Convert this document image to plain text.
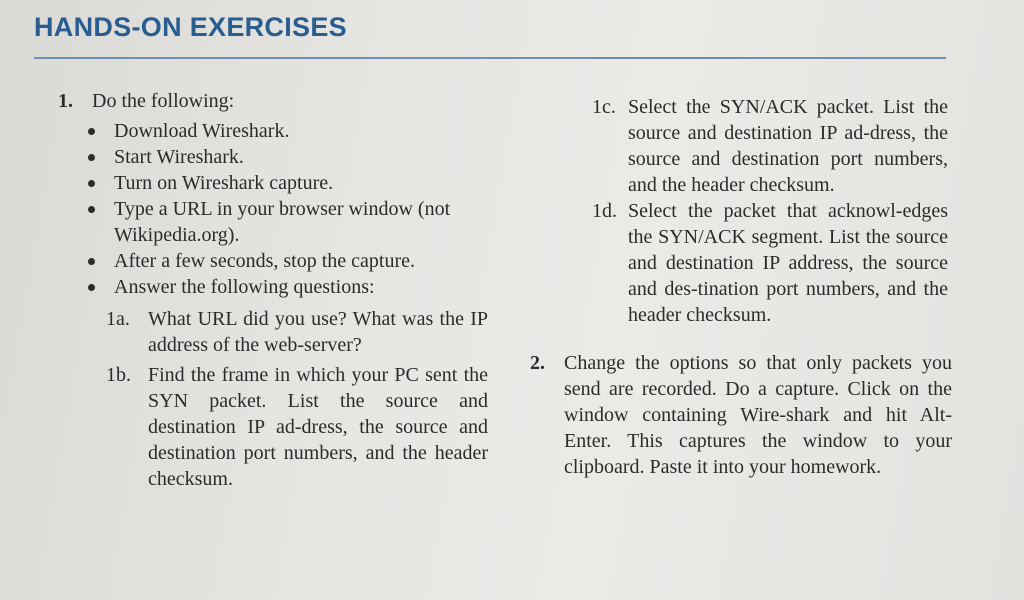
HANDS-ON EXERCISES

1. Do the following:

Download Wireshark.
Start Wireshark.
Turn on Wireshark capture.
Type a URL in your browser window (not Wikipedia.org).
After a few seconds, stop the capture.
Answer the following questions:

1a. What URL did you use? What was the IP address of the web-server?

1b. Find the frame in which your PC sent the SYN packet. List the source and destination IP ad-dress, the source and destination port numbers, and the header checksum.

1c. Select the SYN/ACK packet. List the source and destination IP ad-dress, the source and destination port numbers, and the header checksum.

1d. Select the packet that acknowl-edges the SYN/ACK segment. List the source and destination IP address, the source and des-tination port numbers, and the header checksum.

2. Change the options so that only packets you send are recorded. Do a capture. Click on the window containing Wire-shark and hit Alt-Enter. This captures the window to your clipboard. Paste it into your homework.
